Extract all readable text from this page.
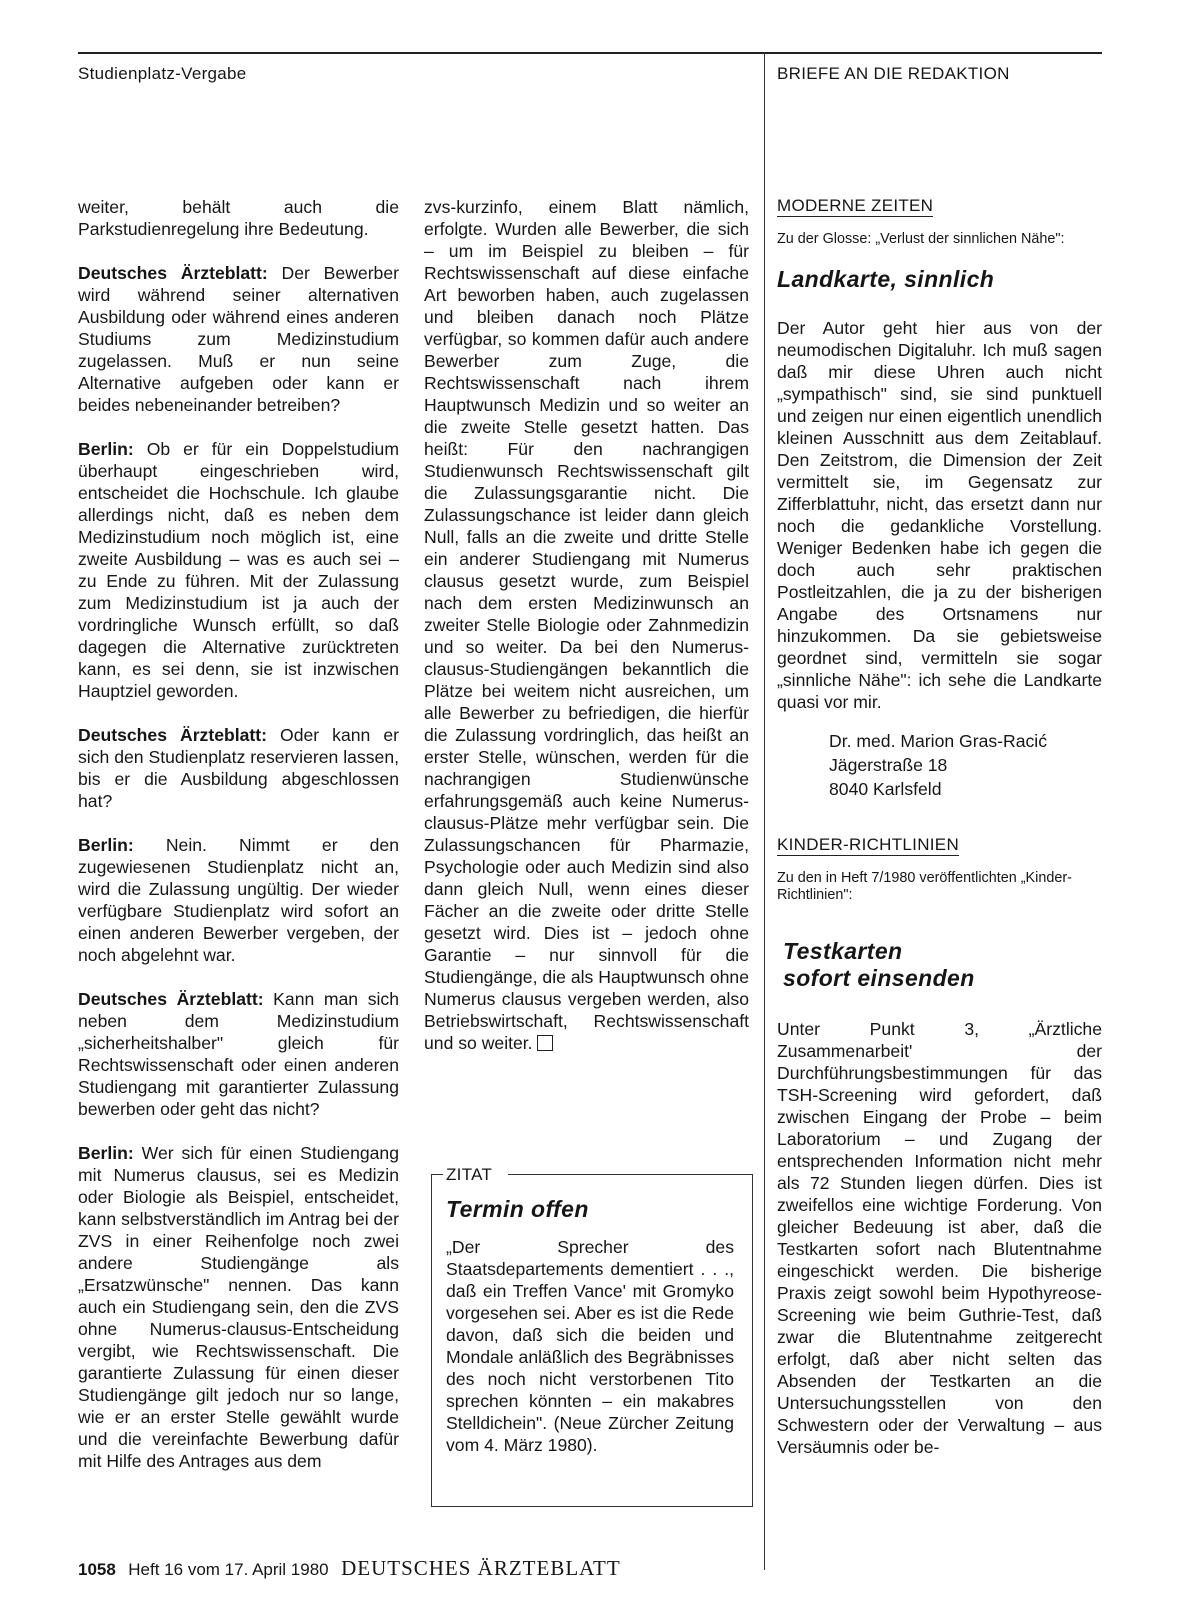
Studienplatz-Vergabe	BRIEFE AN DIE REDAKTION

weiter, behält auch die Parkstudienregelung ihre Bedeutung.

Deutsches Ärzteblatt: Der Bewerber wird während seiner alternativen Ausbildung oder während eines anderen Studiums zum Medizinstudium zugelassen. Muß er nun seine Alternative aufgeben oder kann er beides nebeneinander betreiben?

Berlin: Ob er für ein Doppelstudium überhaupt eingeschrieben wird, entscheidet die Hochschule. Ich glaube allerdings nicht, daß es neben dem Medizinstudium noch möglich ist, eine zweite Ausbildung – was es auch sei – zu Ende zu führen. Mit der Zulassung zum Medizinstudium ist ja auch der vordringliche Wunsch erfüllt, so daß dagegen die Alternative zurücktreten kann, es sei denn, sie ist inzwischen Hauptziel geworden.

Deutsches Ärzteblatt: Oder kann er sich den Studienplatz reservieren lassen, bis er die Ausbildung abgeschlossen hat?

Berlin: Nein. Nimmt er den zugewiesenen Studienplatz nicht an, wird die Zulassung ungültig. Der wieder verfügbare Studienplatz wird sofort an einen anderen Bewerber vergeben, der noch abgelehnt war.

Deutsches Ärzteblatt: Kann man sich neben dem Medizinstudium „sicherheitshalber" gleich für Rechtswissenschaft oder einen anderen Studiengang mit garantierter Zulassung bewerben oder geht das nicht?

Berlin: Wer sich für einen Studiengang mit Numerus clausus, sei es Medizin oder Biologie als Beispiel, entscheidet, kann selbstverständlich im Antrag bei der ZVS in einer Reihenfolge noch zwei andere Studiengänge als „Ersatzwünsche" nennen. Das kann auch ein Studiengang sein, den die ZVS ohne Numerus-clausus-Entscheidung vergibt, wie Rechtswissenschaft. Die garantierte Zulassung für einen dieser Studiengänge gilt jedoch nur so lange, wie er an erster Stelle gewählt wurde und die vereinfachte Bewerbung dafür mit Hilfe des Antrages aus dem

zvs-kurzinfo, einem Blatt nämlich, erfolgte. Wurden alle Bewerber, die sich – um im Beispiel zu bleiben – für Rechtswissenschaft auf diese einfache Art beworben haben, auch zugelassen und bleiben danach noch Plätze verfügbar, so kommen dafür auch andere Bewerber zum Zuge, die Rechtswissenschaft nach ihrem Hauptwunsch Medizin und so weiter an die zweite Stelle gesetzt hatten. Das heißt: Für den nachrangigen Studienwunsch Rechtswissenschaft gilt die Zulassungsgarantie nicht. Die Zulassungschance ist leider dann gleich Null, falls an die zweite und dritte Stelle ein anderer Studiengang mit Numerus clausus gesetzt wurde, zum Beispiel nach dem ersten Medizinwunsch an zweiter Stelle Biologie oder Zahnmedizin und so weiter. Da bei den Numerus-clausus-Studiengängen bekanntlich die Plätze bei weitem nicht ausreichen, um alle Bewerber zu befriedigen, die hierfür die Zulassung vordringlich, das heißt an erster Stelle, wünschen, werden für die nachrangigen Studienwünsche erfahrungsgemäß auch keine Numerus-clausus-Plätze mehr verfügbar sein. Die Zulassungschancen für Pharmazie, Psychologie oder auch Medizin sind also dann gleich Null, wenn eines dieser Fächer an die zweite oder dritte Stelle gesetzt wird. Dies ist – jedoch ohne Garantie – nur sinnvoll für die Studiengänge, die als Hauptwunsch ohne Numerus clausus vergeben werden, also Betriebswirtschaft, Rechtswissenschaft und so weiter.

ZITAT
Termin offen
„Der Sprecher des Staatsdepartements dementiert . . ., daß ein Treffen Vance' mit Gromyko vorgesehen sei. Aber es ist die Rede davon, daß sich die beiden und Mondale anläßlich des Begräbnisses des noch nicht verstorbenen Tito sprechen könnten – ein makabres Stelldichein". (Neue Zürcher Zeitung vom 4. März 1980).
MODERNE ZEITEN
Zu der Glosse: „Verlust der sinnlichen Nähe":
Landkarte, sinnlich
Der Autor geht hier aus von der neumodischen Digitaluhr. Ich muß sagen daß mir diese Uhren auch nicht „sympathisch" sind, sie sind punktuell und zeigen nur einen eigentlich unendlich kleinen Ausschnitt aus dem Zeitablauf. Den Zeitstrom, die Dimension der Zeit vermittelt sie, im Gegensatz zur Zifferblattuhr, nicht, das ersetzt dann nur noch die gedankliche Vorstellung. Weniger Bedenken habe ich gegen die doch auch sehr praktischen Postleitzahlen, die ja zu der bisherigen Angabe des Ortsnamens nur hinzukommen. Da sie gebietsweise geordnet sind, vermitteln sie sogar „sinnliche Nähe": ich sehe die Landkarte quasi vor mir.
Dr. med. Marion Gras-Racić
Jägerstraße 18
8040 Karlsfeld
KINDER-RICHTLINIEN
Zu den in Heft 7/1980 veröffentlichten „Kinder-Richtlinien":
Testkarten
sofort einsenden
Unter Punkt 3, „Ärztliche Zusammenarbeit' der Durchführungsbestimmungen für das TSH-Screening wird gefordert, daß zwischen Eingang der Probe – beim Laboratorium – und Zugang der entsprechenden Information nicht mehr als 72 Stunden liegen dürfen. Dies ist zweifellos eine wichtige Forderung. Von gleicher Bedeuung ist aber, daß die Testkarten sofort nach Blutentnahme eingeschickt werden. Die bisherige Praxis zeigt sowohl beim Hypothyreose-Screening wie beim Guthrie-Test, daß zwar die Blutentnahme zeitgerecht erfolgt, daß aber nicht selten das Absenden der Testkarten an die Untersuchungsstellen von den Schwestern oder der Verwaltung – aus Versäumnis oder be-
1058 Heft 16 vom 17. April 1980 DEUTSCHES ÄRZTEBLATT
